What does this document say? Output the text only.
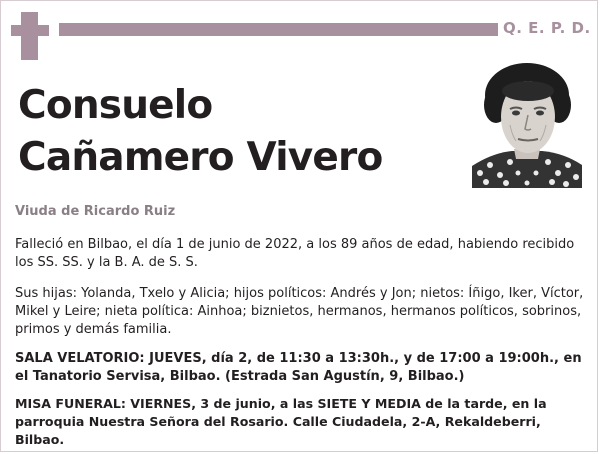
Q. E. P. D.
Consuelo
Cañamero Vivero
Viuda de Ricardo Ruiz
Falleció en Bilbao, el día 1 de junio de 2022, a los 89 años de edad, habiendo recibido los SS. SS. y la B. A. de S. S.
Sus hijas: Yolanda, Txelo y Alicia; hijos políticos: Andrés y Jon; nietos: Íñigo, Iker, Víctor, Mikel y Leire; nieta política: Ainhoa; biznietos, hermanos, hermanos políticos, sobrinos, primos y demás familia.
SALA VELATORIO: JUEVES, día 2, de 11:30 a 13:30h., y de 17:00 a 19:00h., en el Tanatorio Servisa, Bilbao. (Estrada San Agustín, 9, Bilbao.)
MISA FUNERAL: VIERNES, 3 de junio, a las SIETE Y MEDIA de la tarde, en la parroquia Nuestra Señora del Rosario. Calle Ciudadela, 2-A, Rekaldeberri, Bilbao.
